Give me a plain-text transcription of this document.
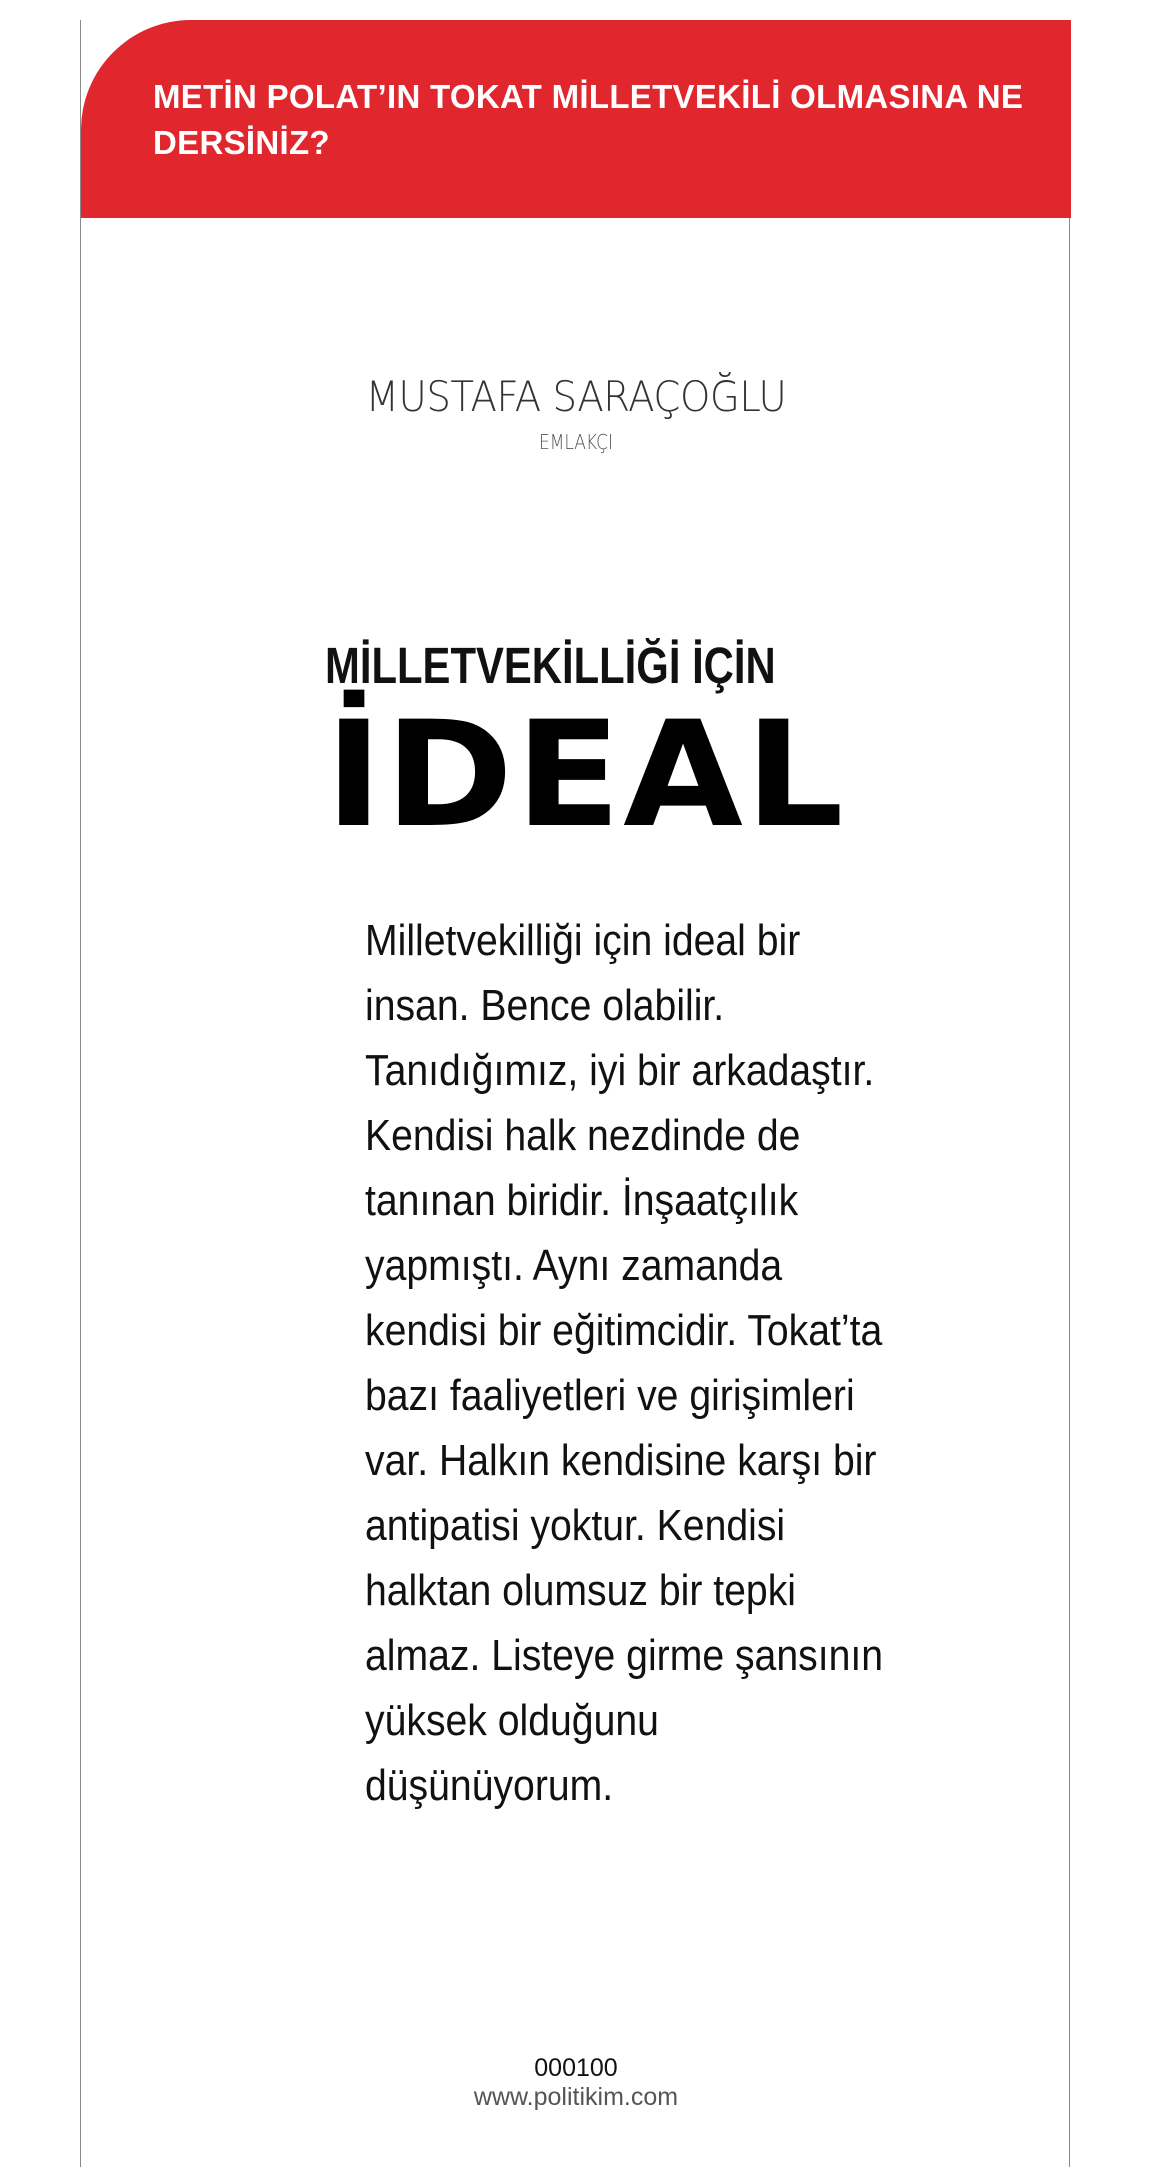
METİN POLAT’IN TOKAT MİLLETVEKİLİ OLMASINA NE DERSİNİZ?
MUSTAFA SARAÇOĞLU
EMLAKÇI
MİLLETVEKİLLİĞİ İÇİN
İDEAL

Milletvekilliği için ideal bir insan. Bence olabilir. Tanıdığımız, iyi bir arkadaştır. Kendisi halk nezdinde de tanınan biridir. İnşaatçılık yapmıştı. Aynı zamanda kendisi bir eğitimcidir. Tokat’ta bazı faaliyetleri ve girişimleri var. Halkın kendisine karşı bir antipatisi yoktur. Kendisi halktan olumsuz bir tepki almaz. Listeye girme şansının yüksek olduğunu düşünüyorum.

000100
www.politikim.com
